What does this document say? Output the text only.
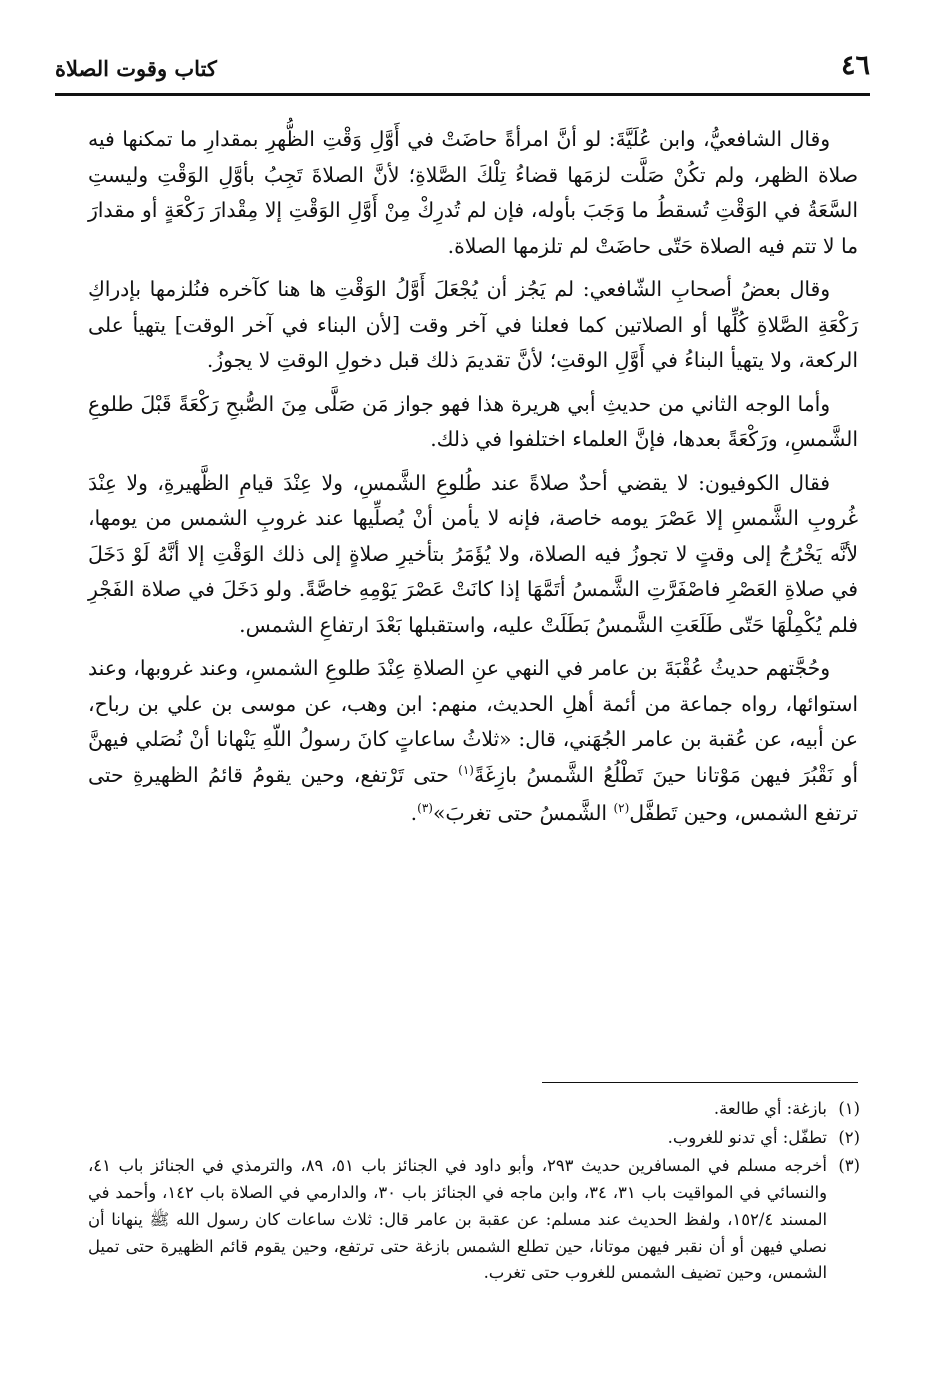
كتاب وقوت الصلاة	٤٦

وقال الشافعيُّ، وابن عُلَيَّةَ: لو أنَّ امرأةً حاضَتْ في أَوَّلِ وَقْتِ الظُّهرِ بمقدارِ ما تمكنها فيه صلاة الظهر، ولم تكُنْ صَلَّت لزمَها قضاءُ تِلْكَ الصَّلاةِ؛ لأنَّ الصلاةَ تَجِبُ بأوَّلِ الوَقْتِ وليستِ السَّعَةُ في الوَقْتِ تُسقطُ ما وَجَبَ بأوله، فإن لم تُدرِكْ مِنْ أَوَّلِ الوَقْتِ إلا مِقْدارَ رَكْعَةٍ أو مقدارَ ما لا تتم فيه الصلاة حَتّى حاضَتْ لم تلزمها الصلاة.

وقال بعضُ أصحابِ الشّافعي: لم يَجُز أن يُجْعَلَ أَوَّلُ الوَقْتِ ها هنا كآخره فنُلزمها بإدراكِ رَكْعَةِ الصَّلاةِ كُلِّها أو الصلاتين كما فعلنا في آخر وقت [لأن البناء في آخر الوقت] يتهيأ على الركعة، ولا يتهيأ البناءُ في أَوَّلِ الوقتِ؛ لأنَّ تقديمَ ذلك قبل دخولِ الوقتِ لا يجوزُ.

وأما الوجه الثاني من حديثِ أبي هريرة هذا فهو جواز مَن صَلَّى مِنَ الصُّبحِ رَكْعَةً قَبْلَ طلوعِ الشَّمسِ، ورَكْعَةً بعدها، فإنَّ العلماء اختلفوا في ذلك.

فقال الكوفيون: لا يقضي أحدٌ صلاةً عند طُلوعِ الشَّمسِ، ولا عِنْدَ قيامِ الظَّهيرةِ، ولا عِنْدَ غُروبِ الشَّمسِ إلا عَصْرَ يومه خاصة، فإنه لا يأمن أنْ يُصلِّيها عند غروبِ الشمس من يومها، لأنَّه يَخْرُجُ إلى وقتٍ لا تجوزُ فيه الصلاة، ولا يُؤَمَرُ بتأخيرِ صلاةٍ إلى ذلك الوَقْتِ إلا أنَّهُ لَوْ دَخَلَ في صلاةِ العَصْرِ فاصْفَرَّتِ الشَّمسُ أتَمَّهَا إذا كانَتْ عَصْرَ يَوْمِهِ خاصَّةً. ولو دَخَلَ في صلاة الفَجْرِ فلم يُكْمِلْهَا حَتّى طَلَعَتِ الشَّمسُ بَطَلَتْ عليه، واستقبلها بَعْدَ ارتفاعِ الشمس.

وحُجَّتهم حديثُ عُقْبَةَ بن عامر في النهي عنِ الصلاةِ عِنْدَ طلوعِ الشمسِ، وعند غروبها، وعند استوائها، رواه جماعة من أئمة أهلِ الحديث، منهم: ابن وهب، عن موسى بن علي بن رباح، عن أبيه، عن عُقبة بن عامر الجُهَني، قال: «ثلاثُ ساعاتٍ كانَ رسولُ اللّهِ يَنْهانا أنْ نُصَلي فيهنَّ أو نَقْبُرَ فيهن مَوْتانا حينَ تَطْلُعُ الشَّمسُ بازِغَةً$^{(١)}$ حتى تَرْتفع، وحين يقومُ قائمُ الظهيرةِ حتى ترتفع الشمس، وحين تَطفَّل$^{(٢)}$ الشَّمسُ حتى تغربَ»$^{(٣)}$.

(١)بازغة: أي طالعة.
(٢)تطفّل: أي تدنو للغروب.
(٣)أخرجه مسلم في المسافرين حديث ٢٩٣، وأبو داود في الجنائز باب ٥١، ٨٩، والترمذي في الجنائز باب ٤١، والنسائي في المواقيت باب ٣١، ٣٤، وابن ماجه في الجنائز باب ٣٠، والدارمي في الصلاة باب ١٤٢، وأحمد في المسند ١٥٢/٤، ولفظ الحديث عند مسلم: عن عقبة بن عامر قال: ثلاث ساعات كان رسول الله ﷺ ينهانا أن نصلي فيهن أو أن نقبر فيهن موتانا، حين تطلع الشمس بازغة حتى ترتفع، وحين يقوم قائم الظهيرة حتى تميل الشمس، وحين تضيف الشمس للغروب حتى تغرب.
